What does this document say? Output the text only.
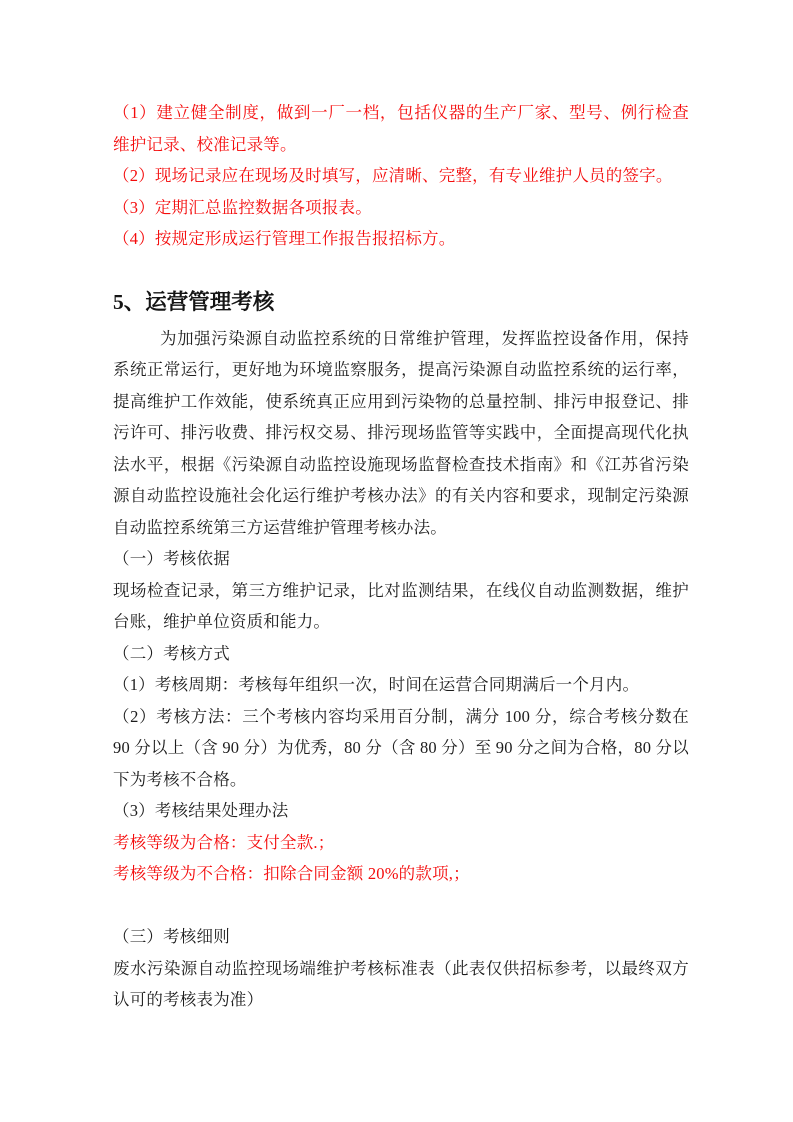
（1）建立健全制度，做到一厂一档，包括仪器的生产厂家、型号、例行检查维护记录、校准记录等。

（2）现场记录应在现场及时填写，应清晰、完整，有专业维护人员的签字。

（3）定期汇总监控数据各项报表。

（4）按规定形成运行管理工作报告报招标方。

5、运营管理考核

为加强污染源自动监控系统的日常维护管理，发挥监控设备作用，保持系统正常运行，更好地为环境监察服务，提高污染源自动监控系统的运行率，提高维护工作效能，使系统真正应用到污染物的总量控制、排污申报登记、排污许可、排污收费、排污权交易、排污现场监管等实践中，全面提高现代化执法水平，根据《污染源自动监控设施现场监督检查技术指南》和《江苏省污染源自动监控设施社会化运行维护考核办法》的有关内容和要求，现制定污染源自动监控系统第三方运营维护管理考核办法。

（一）考核依据

现场检查记录，第三方维护记录，比对监测结果，在线仪自动监测数据，维护台账，维护单位资质和能力。

（二）考核方式

（1）考核周期：考核每年组织一次，时间在运营合同期满后一个月内。

（2）考核方法：三个考核内容均采用百分制，满分 100 分，综合考核分数在 90 分以上（含 90 分）为优秀，80 分（含 80 分）至 90 分之间为合格，80 分以下为考核不合格。

（3）考核结果处理办法

考核等级为合格：支付全款.；

考核等级为不合格：扣除合同金额 20%的款项,；

（三）考核细则

废水污染源自动监控现场端维护考核标准表（此表仅供招标参考，以最终双方认可的考核表为准）
